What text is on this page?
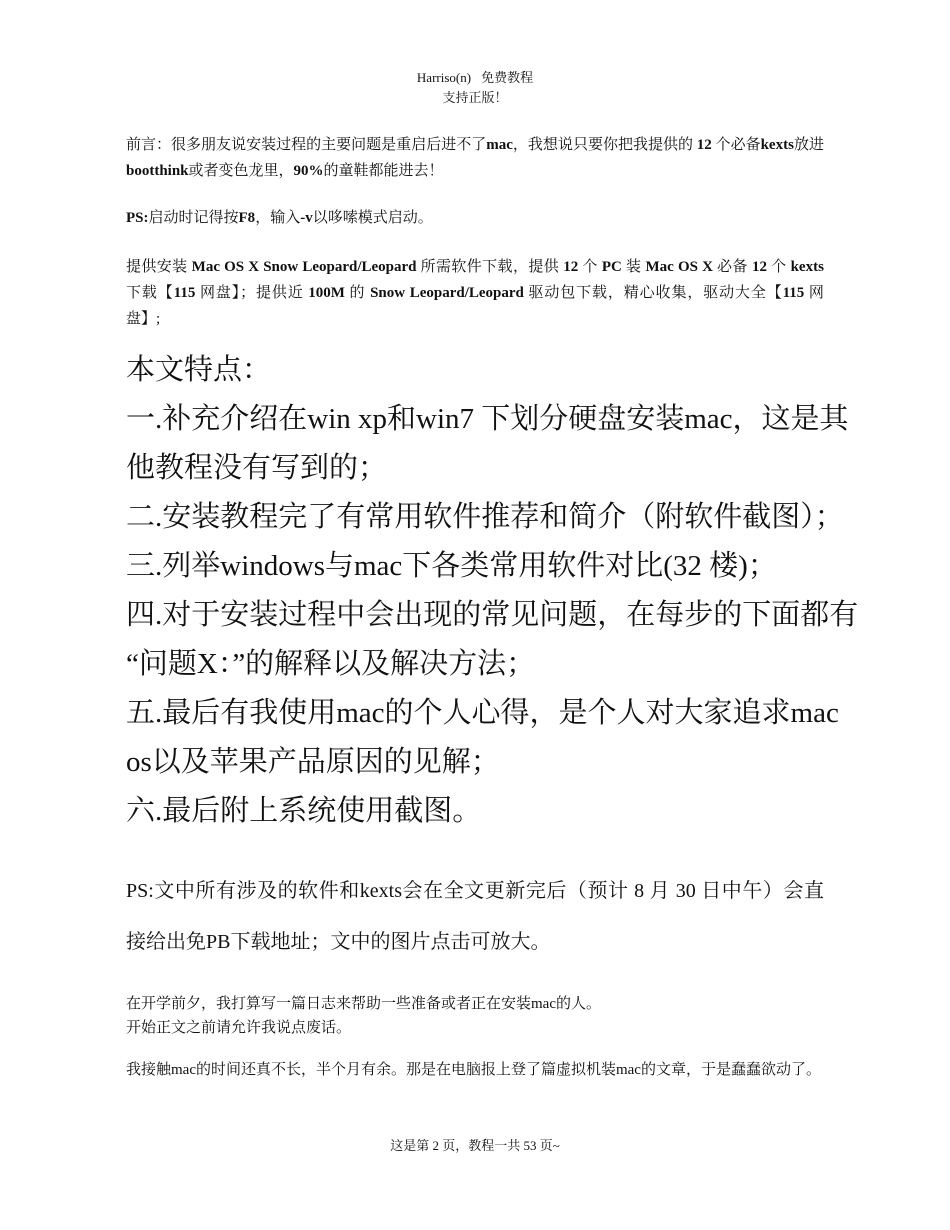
Harriso(n) 免费教程
支持正版！

前言：很多朋友说安装过程的主要问题是重启后进不了mac，我想说只要你把我提供的 12 个必备kexts放进bootthink或者变色龙里，90%的童鞋都能进去！

PS:启动时记得按F8，输入-v以哆嗦模式启动。

提供安装 Mac OS X Snow Leopard/Leopard 所需软件下载，提供 12 个 PC 装 Mac OS X 必备 12 个 kexts 下载【115 网盘】；提供近 100M 的 Snow Leopard/Leopard 驱动包下载，精心收集，驱动大全【115 网盘】;

本文特点：
一.补充介绍在win xp和win7 下划分硬盘安装mac，这是其
他教程没有写到的；
二.安装教程完了有常用软件推荐和简介（附软件截图）；
三.列举windows与mac下各类常用软件对比(32 楼)；
四.对于安装过程中会出现的常见问题，在每步的下面都有
“问题X：”的解释以及解决方法；
五.最后有我使用mac的个人心得，是个人对大家追求mac
os以及苹果产品原因的见解；
六.最后附上系统使用截图。

PS:文中所有涉及的软件和kexts会在全文更新完后（预计 8 月 30 日中午）会直接给出免PB下载地址；文中的图片点击可放大。

在开学前夕，我打算写一篇日志来帮助一些准备或者正在安装mac的人。
开始正文之前请允许我说点废话。

我接触mac的时间还真不长，半个月有余。那是在电脑报上登了篇虚拟机装mac的文章，于是蠢蠢欲动了。

这是第 2 页，教程一共 53 页~
